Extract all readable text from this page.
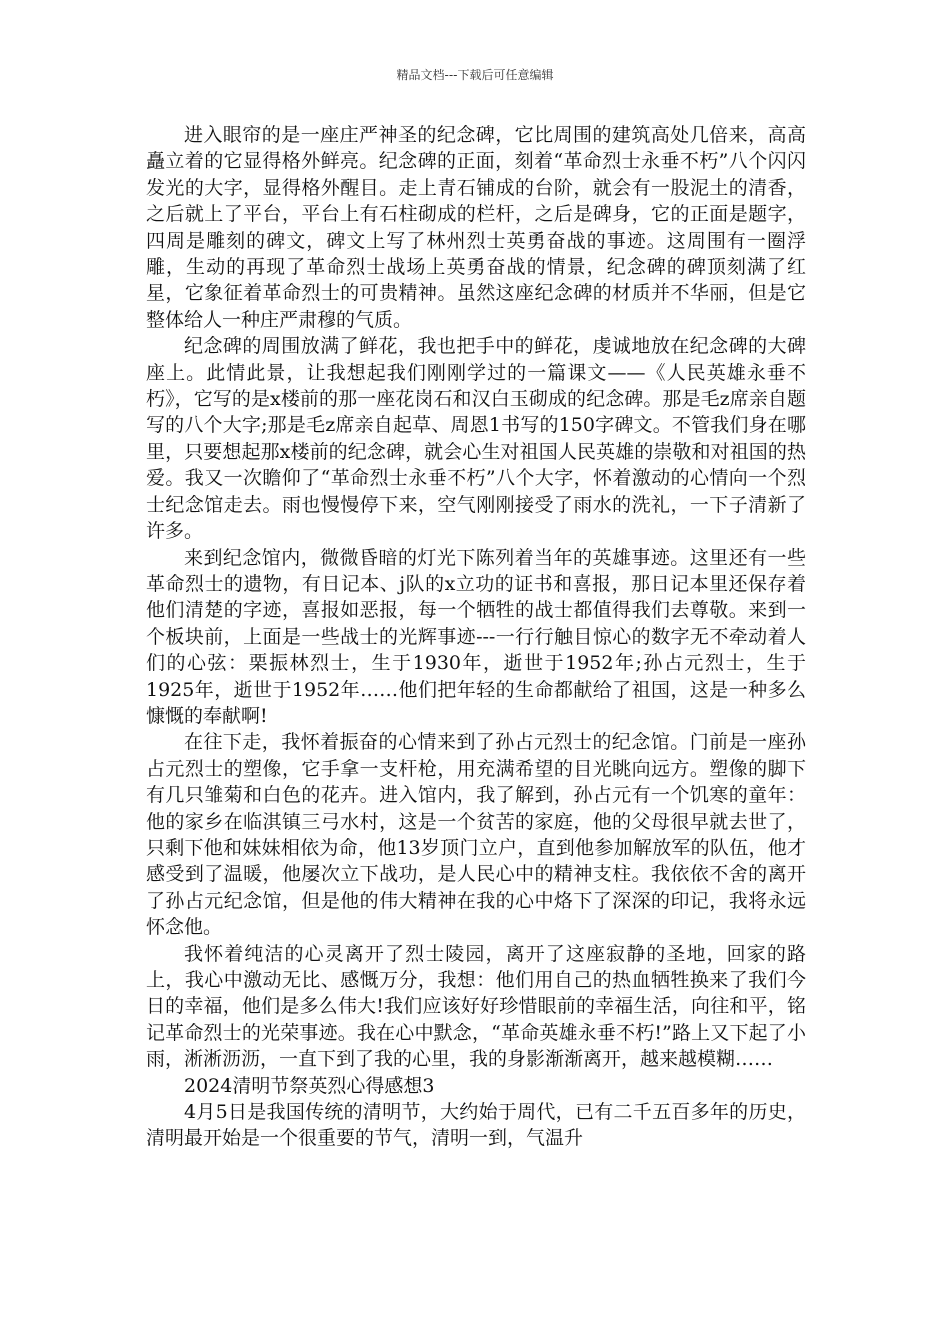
精品文档---下载后可任意编辑

进入眼帘的是一座庄严神圣的纪念碑，它比周围的建筑高处几倍来，高高矗立着的它显得格外鲜亮。纪念碑的正面，刻着“革命烈士永垂不朽”八个闪闪发光的大字，显得格外醒目。走上青石铺成的台阶，就会有一股泥土的清香，之后就上了平台，平台上有石柱砌成的栏杆，之后是碑身，它的正面是题字，四周是雕刻的碑文，碑文上写了林州烈士英勇奋战的事迹。这周围有一圈浮雕，生动的再现了革命烈士战场上英勇奋战的情景，纪念碑的碑顶刻满了红星，它象征着革命烈士的可贵精神。虽然这座纪念碑的材质并不华丽，但是它整体给人一种庄严肃穆的气质。

纪念碑的周围放满了鲜花，我也把手中的鲜花，虔诚地放在纪念碑的大碑座上。此情此景，让我想起我们刚刚学过的一篇课文——《人民英雄永垂不朽》，它写的是x楼前的那一座花岗石和汉白玉砌成的纪念碑。那是毛z席亲自题写的八个大字;那是毛z席亲自起草、周恩1书写的150字碑文。不管我们身在哪里，只要想起那x楼前的纪念碑，就会心生对祖国人民英雄的崇敬和对祖国的热爱。我又一次瞻仰了“革命烈士永垂不朽”八个大字，怀着激动的心情向一个烈士纪念馆走去。雨也慢慢停下来，空气刚刚接受了雨水的洗礼，一下子清新了许多。

来到纪念馆内，微微昏暗的灯光下陈列着当年的英雄事迹。这里还有一些革命烈士的遗物，有日记本、j队的x立功的证书和喜报，那日记本里还保存着他们清楚的字迹，喜报如恶报，每一个牺牲的战士都值得我们去尊敬。来到一个板块前，上面是一些战士的光辉事迹---一行行触目惊心的数字无不牵动着人们的心弦：栗振林烈士，生于1930年，逝世于1952年;孙占元烈士，生于1925年，逝世于1952年……他们把年轻的生命都献给了祖国，这是一种多么慷慨的奉献啊!

在往下走，我怀着振奋的心情来到了孙占元烈士的纪念馆。门前是一座孙占元烈士的塑像，它手拿一支杆枪，用充满希望的目光眺向远方。塑像的脚下有几只雏菊和白色的花卉。进入馆内，我了解到，孙占元有一个饥寒的童年：他的家乡在临淇镇三弓水村，这是一个贫苦的家庭，他的父母很早就去世了，只剩下他和妹妹相依为命，他13岁顶门立户，直到他参加解放军的队伍，他才感受到了温暖，他屡次立下战功，是人民心中的精神支柱。我依依不舍的离开了孙占元纪念馆，但是他的伟大精神在我的心中烙下了深深的印记，我将永远怀念他。

我怀着纯洁的心灵离开了烈士陵园，离开了这座寂静的圣地，回家的路上，我心中激动无比、感慨万分，我想：他们用自己的热血牺牲换来了我们今日的幸福，他们是多么伟大!我们应该好好珍惜眼前的幸福生活，向往和平，铭记革命烈士的光荣事迹。我在心中默念，“革命英雄永垂不朽!”路上又下起了小雨，淅淅沥沥，一直下到了我的心里，我的身影渐渐离开，越来越模糊……

2024清明节祭英烈心得感想3

4月5日是我国传统的清明节，大约始于周代，已有二千五百多年的历史，清明最开始是一个很重要的节气，清明一到，气温升
